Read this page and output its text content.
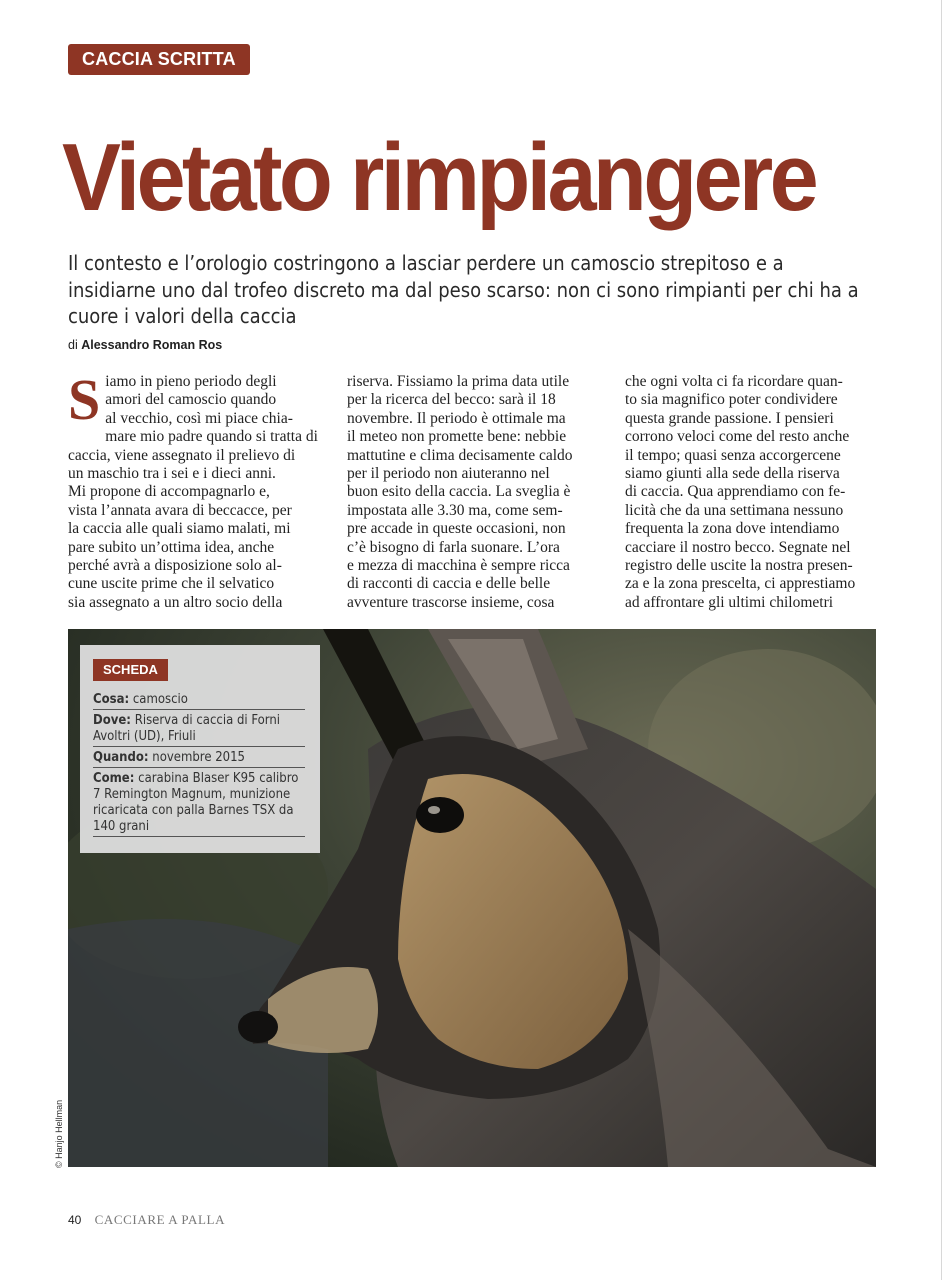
CACCIA SCRITTA
Vietato rimpiangere

Il contesto e l’orologio costringono a lasciar perdere un camoscio strepitoso e a insidiarne uno dal trofeo discreto ma dal peso scarso: non ci sono rimpianti per chi ha a cuore i valori della caccia

di Alessandro Roman Ros
S iamo in pieno periodo degli
amori del camoscio quando
al vecchio, così mi piace chia-
mare mio padre quando si tratta di
caccia, viene assegnato il prelievo di
un maschio tra i sei e i dieci anni.
Mi propone di accompagnarlo e,
vista l’annata avara di beccacce, per
la caccia alle quali siamo malati, mi
pare subito un’ottima idea, anche
perché avrà a disposizione solo al-
cune uscite prime che il selvatico
sia assegnato a un altro socio della
riserva. Fissiamo la prima data utile
per la ricerca del becco: sarà il 18
novembre. Il periodo è ottimale ma
il meteo non promette bene: nebbie
mattutine e clima decisamente caldo
per il periodo non aiuteranno nel
buon esito della caccia. La sveglia è
impostata alle 3.30 ma, come sem-
pre accade in queste occasioni, non
c’è bisogno di farla suonare. L’ora
e mezza di macchina è sempre ricca
di racconti di caccia e delle belle
avventure trascorse insieme, cosa
che ogni volta ci fa ricordare quan-
to sia magnifico poter condividere
questa grande passione. I pensieri
corrono veloci come del resto anche
il tempo; quasi senza accorgercene
siamo giunti alla sede della riserva
di caccia. Qua apprendiamo con fe-
licità che da una settimana nessuno
frequenta la zona dove intendiamo
cacciare il nostro becco. Segnate nel
registro delle uscite la nostra presen-
za e la zona prescelta, ci apprestiamo
ad affrontare gli ultimi chilometri
SCHEDA
Cosa: camoscio
Dove: Riserva di caccia di Forni Avoltri (UD), Friuli
Quando: novembre 2015
Come: carabina Blaser K95 calibro 7 Remington Magnum, munizione ricaricata con palla Barnes TSX da 140 grani
© Hanjo Hellman
40 CACCIARE A PALLA
